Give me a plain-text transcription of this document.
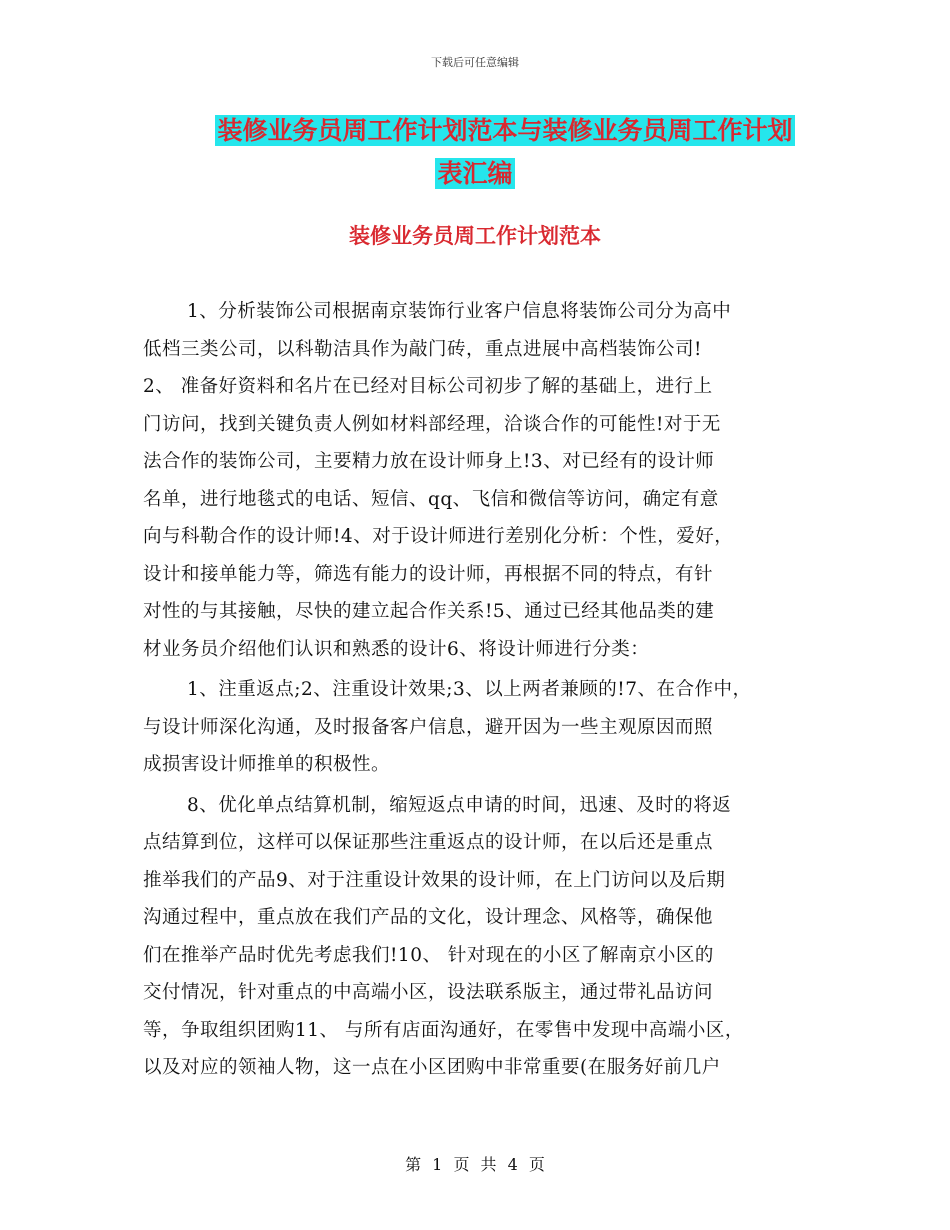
下载后可任意编辑
装修业务员周工作计划范本与装修业务员周工作计划
表汇编
装修业务员周工作计划范本
1、分析装饰公司根据南京装饰行业客户信息将装饰公司分为高中
低档三类公司，以科勒洁具作为敲门砖，重点进展中高档装饰公司!
2、 准备好资料和名片在已经对目标公司初步了解的基础上，进行上
门访问，找到关键负责人例如材料部经理，洽谈合作的可能性!对于无
法合作的装饰公司，主要精力放在设计师身上!3、对已经有的设计师
名单，进行地毯式的电话、短信、qq、飞信和微信等访问，确定有意
向与科勒合作的设计师!4、对于设计师进行差别化分析：个性，爱好，
设计和接单能力等，筛选有能力的设计师，再根据不同的特点，有针
对性的与其接触，尽快的建立起合作关系!5、通过已经其他品类的建
材业务员介绍他们认识和熟悉的设计6、将设计师进行分类：
1、注重返点;2、注重设计效果;3、以上两者兼顾的!7、在合作中，
与设计师深化沟通，及时报备客户信息，避开因为一些主观原因而照
成损害设计师推单的积极性。
8、优化单点结算机制，缩短返点申请的时间，迅速、及时的将返
点结算到位，这样可以保证那些注重返点的设计师，在以后还是重点
推举我们的产品9、对于注重设计效果的设计师，在上门访问以及后期
沟通过程中，重点放在我们产品的文化，设计理念、风格等，确保他
们在推举产品时优先考虑我们!10、 针对现在的小区了解南京小区的
交付情况，针对重点的中高端小区，设法联系版主，通过带礼品访问
等，争取组织团购11、 与所有店面沟通好，在零售中发现中高端小区，
以及对应的领袖人物，这一点在小区团购中非常重要(在服务好前几户
第 1 页 共 4 页
